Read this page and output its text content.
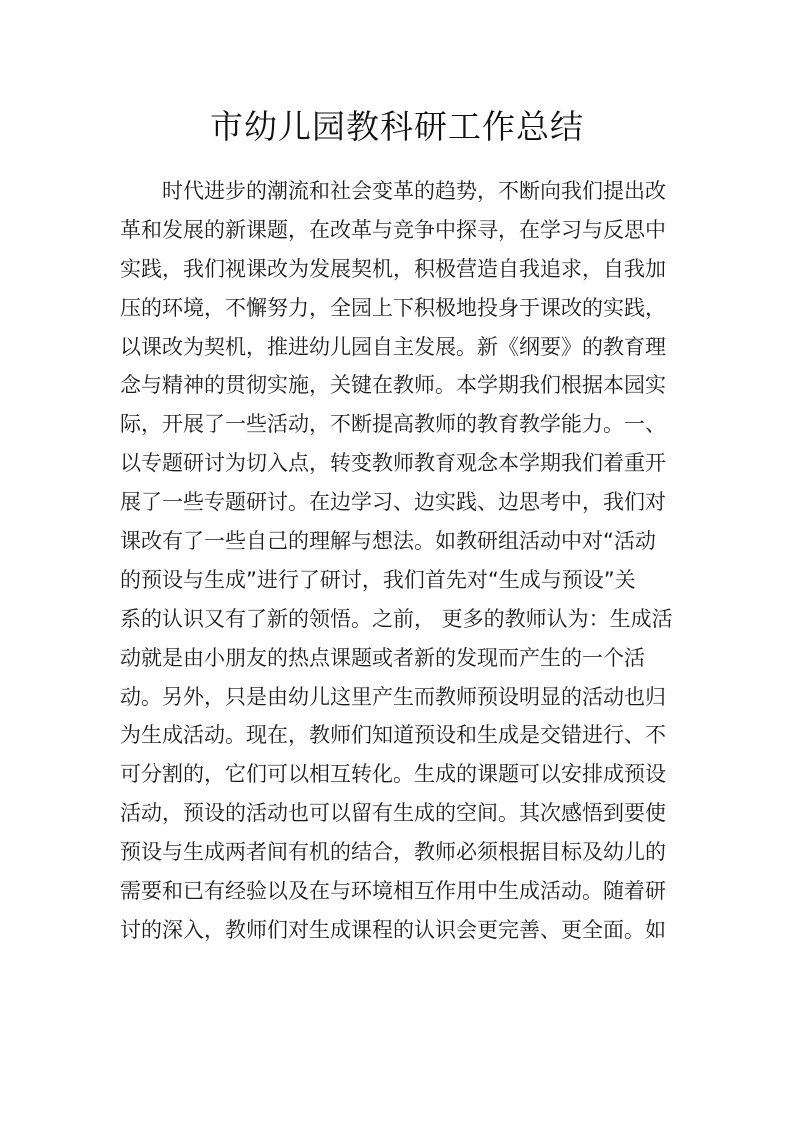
市幼儿园教科研工作总结
时代进步的潮流和社会变革的趋势，不断向我们提出改
革和发展的新课题，在改革与竞争中探寻，在学习与反思中
实践，我们视课改为发展契机，积极营造自我追求，自我加
压的环境，不懈努力，全园上下积极地投身于课改的实践，
以课改为契机，推进幼儿园自主发展。新《纲要》的教育理
念与精神的贯彻实施，关键在教师。本学期我们根据本园实
际，开展了一些活动，不断提高教师的教育教学能力。一、
以专题研讨为切入点，转变教师教育观念本学期我们着重开
展了一些专题研讨。在边学习、边实践、边思考中，我们对
课改有了一些自己的理解与想法。如教研组活动中对“活动
的预设与生成”进行了研讨，我们首先对“生成与预设”关
系的认识又有了新的领悟。之前， 更多的教师认为：生成活
动就是由小朋友的热点课题或者新的发现而产生的一个活
动。另外，只是由幼儿这里产生而教师预设明显的活动也归
为生成活动。现在，教师们知道预设和生成是交错进行、不
可分割的，它们可以相互转化。生成的课题可以安排成预设
活动，预设的活动也可以留有生成的空间。其次感悟到要使
预设与生成两者间有机的结合，教师必须根据目标及幼儿的
需要和已有经验以及在与环境相互作用中生成活动。随着研
讨的深入，教师们对生成课程的认识会更完善、更全面。如
